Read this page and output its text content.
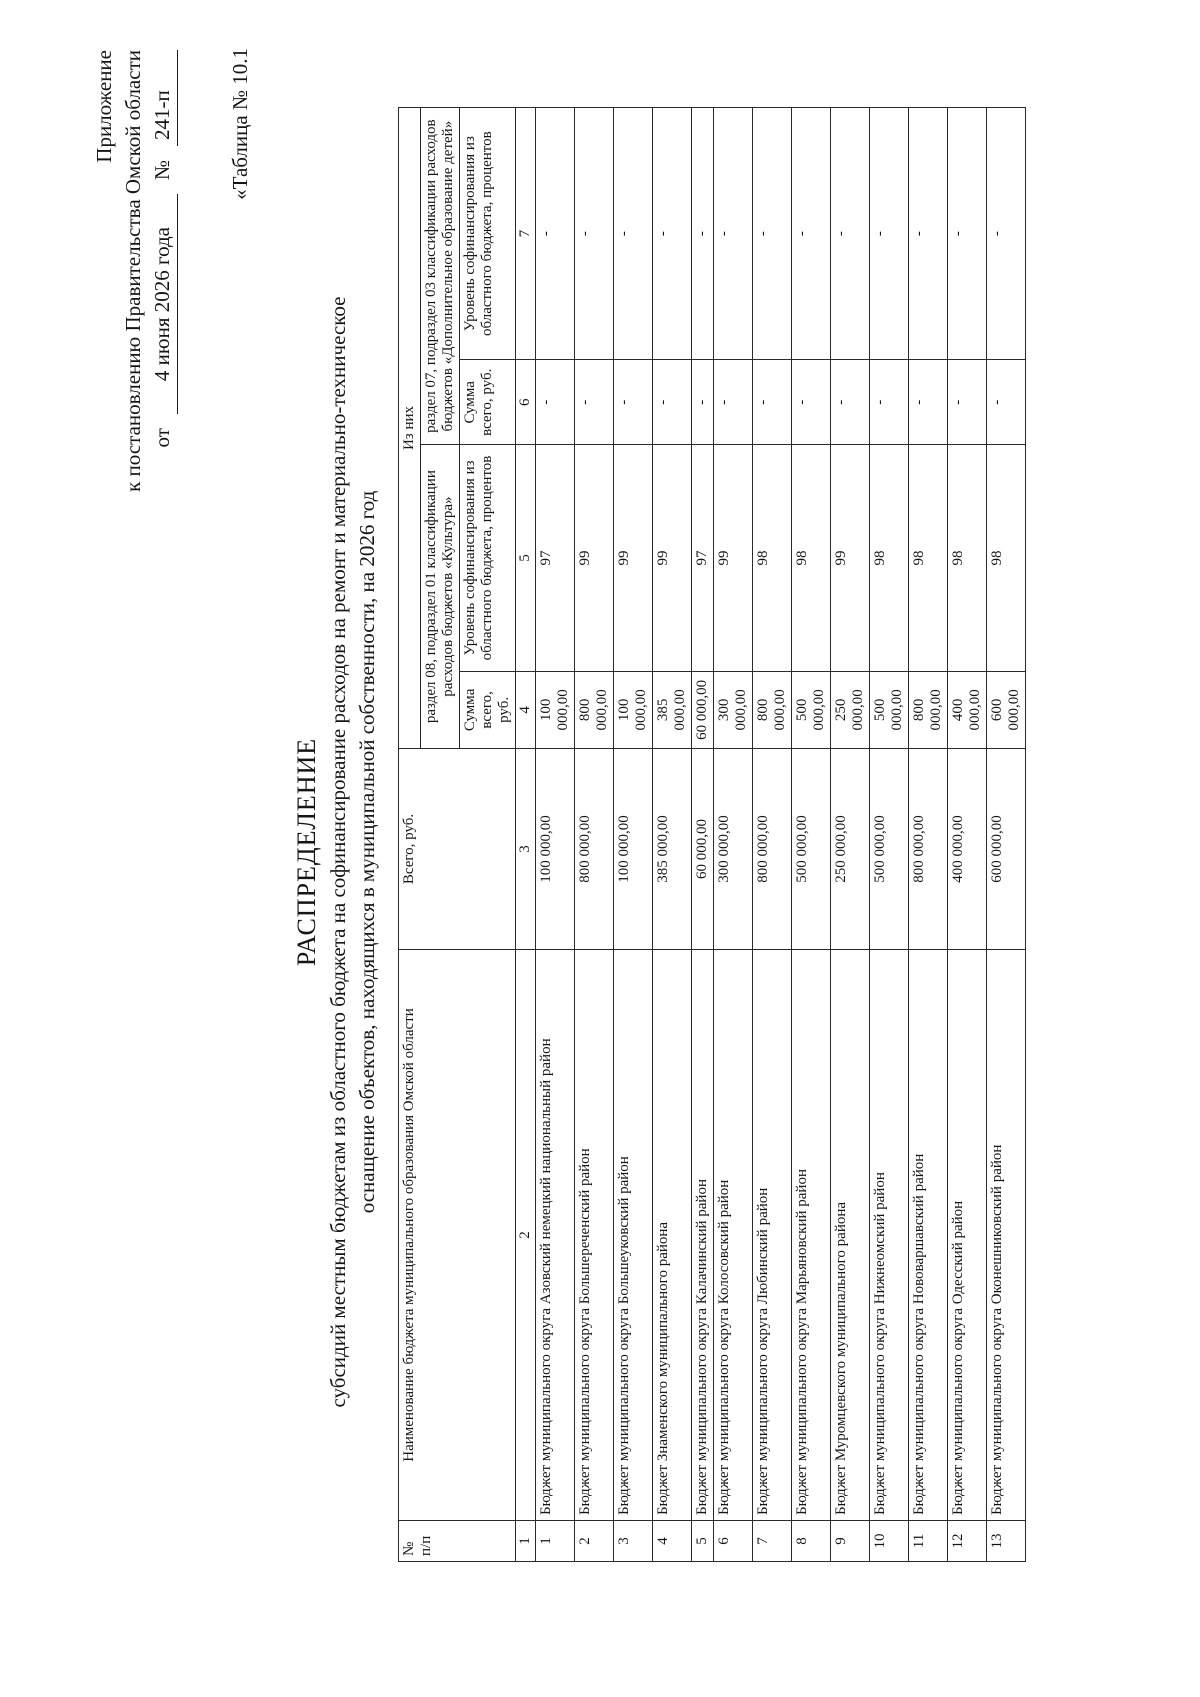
Приложение к постановлению Правительства Омской области от
4 июня 2026 года
№
241-п	«Таблица № 10.1
РАСПРЕДЕЛЕНИЕ субсидий местным бюджетам из областного бюджета на софинансирование расходов на ремонт и материально-техническое оснащение объектов, находящихся в муниципальной собственности, на 2026 год
№ п/п	Наименование бюджета муниципального образования Омской области	Всего, руб.	Из них			
			раздел 08, подраздел 01 классификации расходов бюджетов «Культура»		раздел 07, подраздел 03 классификации расходов бюджетов «Дополнительное образование детей»	
			Сумма всего, руб.	Уровень софинансирования из областного бюджета, процентов	Сумма всего, руб.	Уровень софинансирования из областного бюджета, процентов
1	2	3	4	5	6	7
1	Бюджет муниципального округа Азовский немецкий национальный район	100 000,00	100 000,00	97	-	-
2	Бюджет муниципального округа Большереченский район	800 000,00	800 000,00	99	-	-
3	Бюджет муниципального округа Большеуковский район	100 000,00	100 000,00	99	-	-
4	Бюджет Знаменского муниципального района	385 000,00	385 000,00	99	-	-
5	Бюджет муниципального округа Калачинский район	60 000,00	60 000,00	97	-	-
6	Бюджет муниципального округа Колосовский район	300 000,00	300 000,00	99	-	-
7	Бюджет муниципального округа Любинский район	800 000,00	800 000,00	98	-	-
8	Бюджет муниципального округа Марьяновский район	500 000,00	500 000,00	98	-	-
9	Бюджет Муромцевского муниципального района	250 000,00	250 000,00	99	-	-
10	Бюджет муниципального округа Нижнеомский район	500 000,00	500 000,00	98	-	-
11	Бюджет муниципального округа Нововаршавский район	800 000,00	800 000,00	98	-	-
12	Бюджет муниципального округа Одесский район	400 000,00	400 000,00	98	-	-
13	Бюджет муниципального округа Оконешниковский район	600 000,00	600 000,00	98	-	-
